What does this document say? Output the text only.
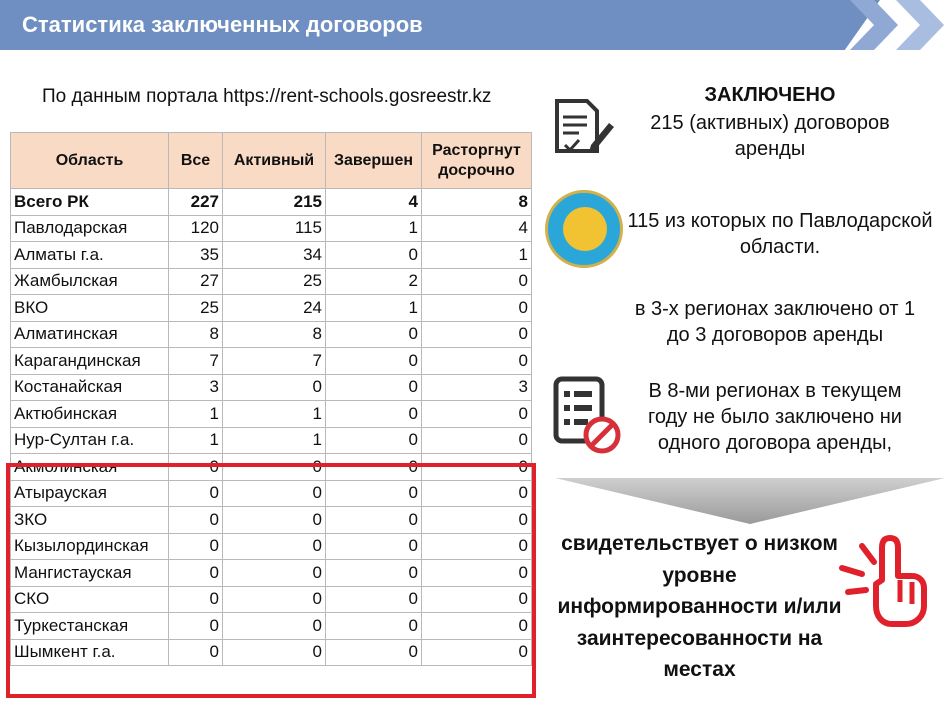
Статистика заключенных договоров
По данным портала https://rent-schools.gosreestr.kz
Область	Все	Активный	Завершен	Расторгнут досрочно
Всего РК	227	215	4	8
Павлодарская	120	115	1	4
Алматы г.а.	35	34	0	1
Жамбылская	27	25	2	0
ВКО	25	24	1	0
Алматинская	8	8	0	0
Карагандинская	7	7	0	0
Костанайская	3	0	0	3
Актюбинская	1	1	0	0
Нур-Султан г.а.	1	1	0	0
Акмолинская	0	0	0	0
Атырауская	0	0	0	0
ЗКО	0	0	0	0
Кызылординская	0	0	0	0
Мангистауская	0	0	0	0
СКО	0	0	0	0
Туркестанская	0	0	0	0
Шымкент г.а.	0	0	0	0
ЗАКЛЮЧЕНО
215 (активных) договоров аренды
115 из которых по Павлодарской области.
в 3-х регионах заключено от 1 до 3 договоров аренды
В 8-ми регионах в текущем году не было заключено ни одного договора аренды,
свидетельствует о низком уровне информированности и/или заинтересованности на местах
